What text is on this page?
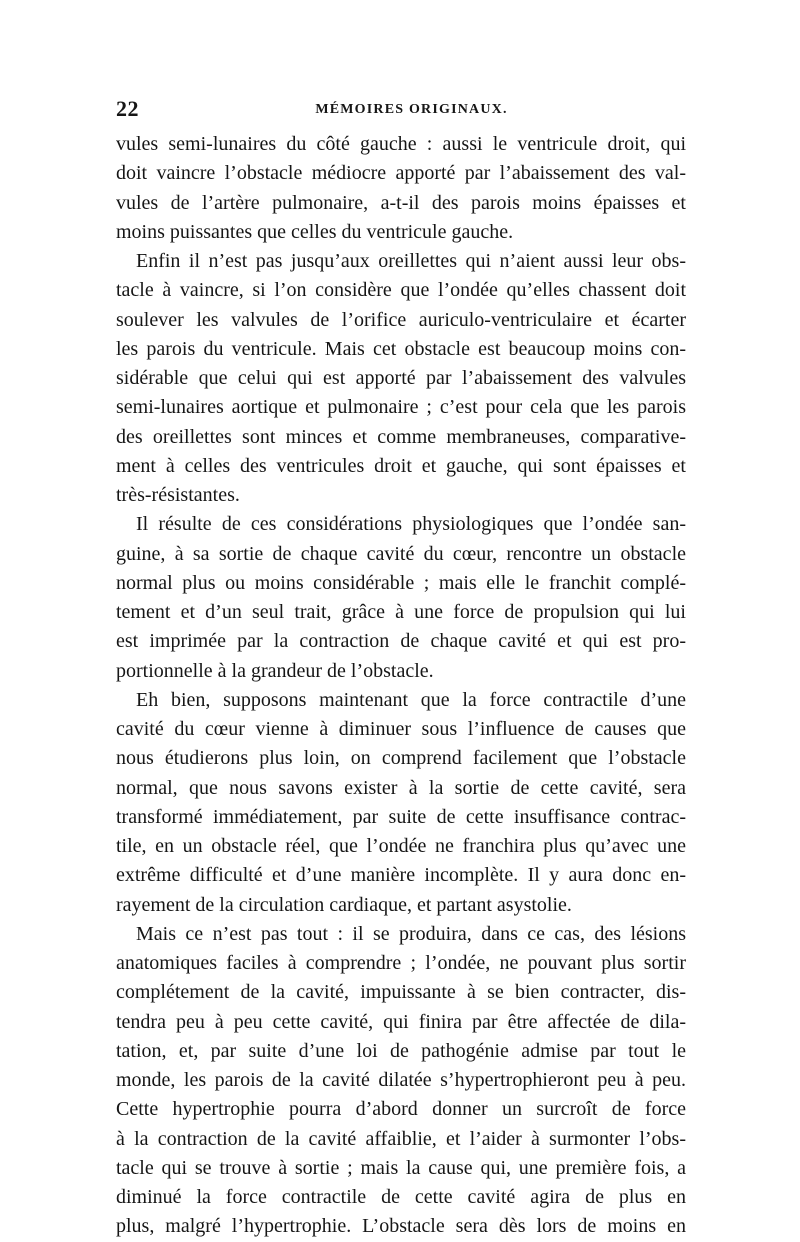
22	MÉMOIRES ORIGINAUX.
vules semi-lunaires du côté gauche : aussi le ventricule droit, qui
doit vaincre l’obstacle médiocre apporté par l’abaissement des val-
vules de l’artère pulmonaire, a-t-il des parois moins épaisses et
moins puissantes que celles du ventricule gauche.
Enfin il n’est pas jusqu’aux oreillettes qui n’aient aussi leur obs-
tacle à vaincre, si l’on considère que l’ondée qu’elles chassent doit
soulever les valvules de l’orifice auriculo-ventriculaire et écarter
les parois du ventricule. Mais cet obstacle est beaucoup moins con-
sidérable que celui qui est apporté par l’abaissement des valvules
semi-lunaires aortique et pulmonaire ; c’est pour cela que les parois
des oreillettes sont minces et comme membraneuses, comparative-
ment à celles des ventricules droit et gauche, qui sont épaisses et
très-résistantes.
Il résulte de ces considérations physiologiques que l’ondée san-
guine, à sa sortie de chaque cavité du cœur, rencontre un obstacle
normal plus ou moins considérable ; mais elle le franchit complé-
tement et d’un seul trait, grâce à une force de propulsion qui lui
est imprimée par la contraction de chaque cavité et qui est pro-
portionnelle à la grandeur de l’obstacle.
Eh bien, supposons maintenant que la force contractile d’une
cavité du cœur vienne à diminuer sous l’influence de causes que
nous étudierons plus loin, on comprend facilement que l’obstacle
normal, que nous savons exister à la sortie de cette cavité, sera
transformé immédiatement, par suite de cette insuffisance contrac-
tile, en un obstacle réel, que l’ondée ne franchira plus qu’avec une
extrême difficulté et d’une manière incomplète. Il y aura donc en-
rayement de la circulation cardiaque, et partant asystolie.
Mais ce n’est pas tout : il se produira, dans ce cas, des lésions
anatomiques faciles à comprendre ; l’ondée, ne pouvant plus sortir
complétement de la cavité, impuissante à se bien contracter, dis-
tendra peu à peu cette cavité, qui finira par être affectée de dila-
tation, et, par suite d’une loi de pathogénie admise par tout le
monde, les parois de la cavité dilatée s’hypertrophieront peu à peu.
Cette hypertrophie pourra d’abord donner un surcroît de force
à la contraction de la cavité affaiblie, et l’aider à surmonter l’obs-
tacle qui se trouve à sortie ; mais la cause qui, une première fois, a
diminué la force contractile de cette cavité agira de plus en
plus, malgré l’hypertrophie. L’obstacle sera dès lors de moins en
